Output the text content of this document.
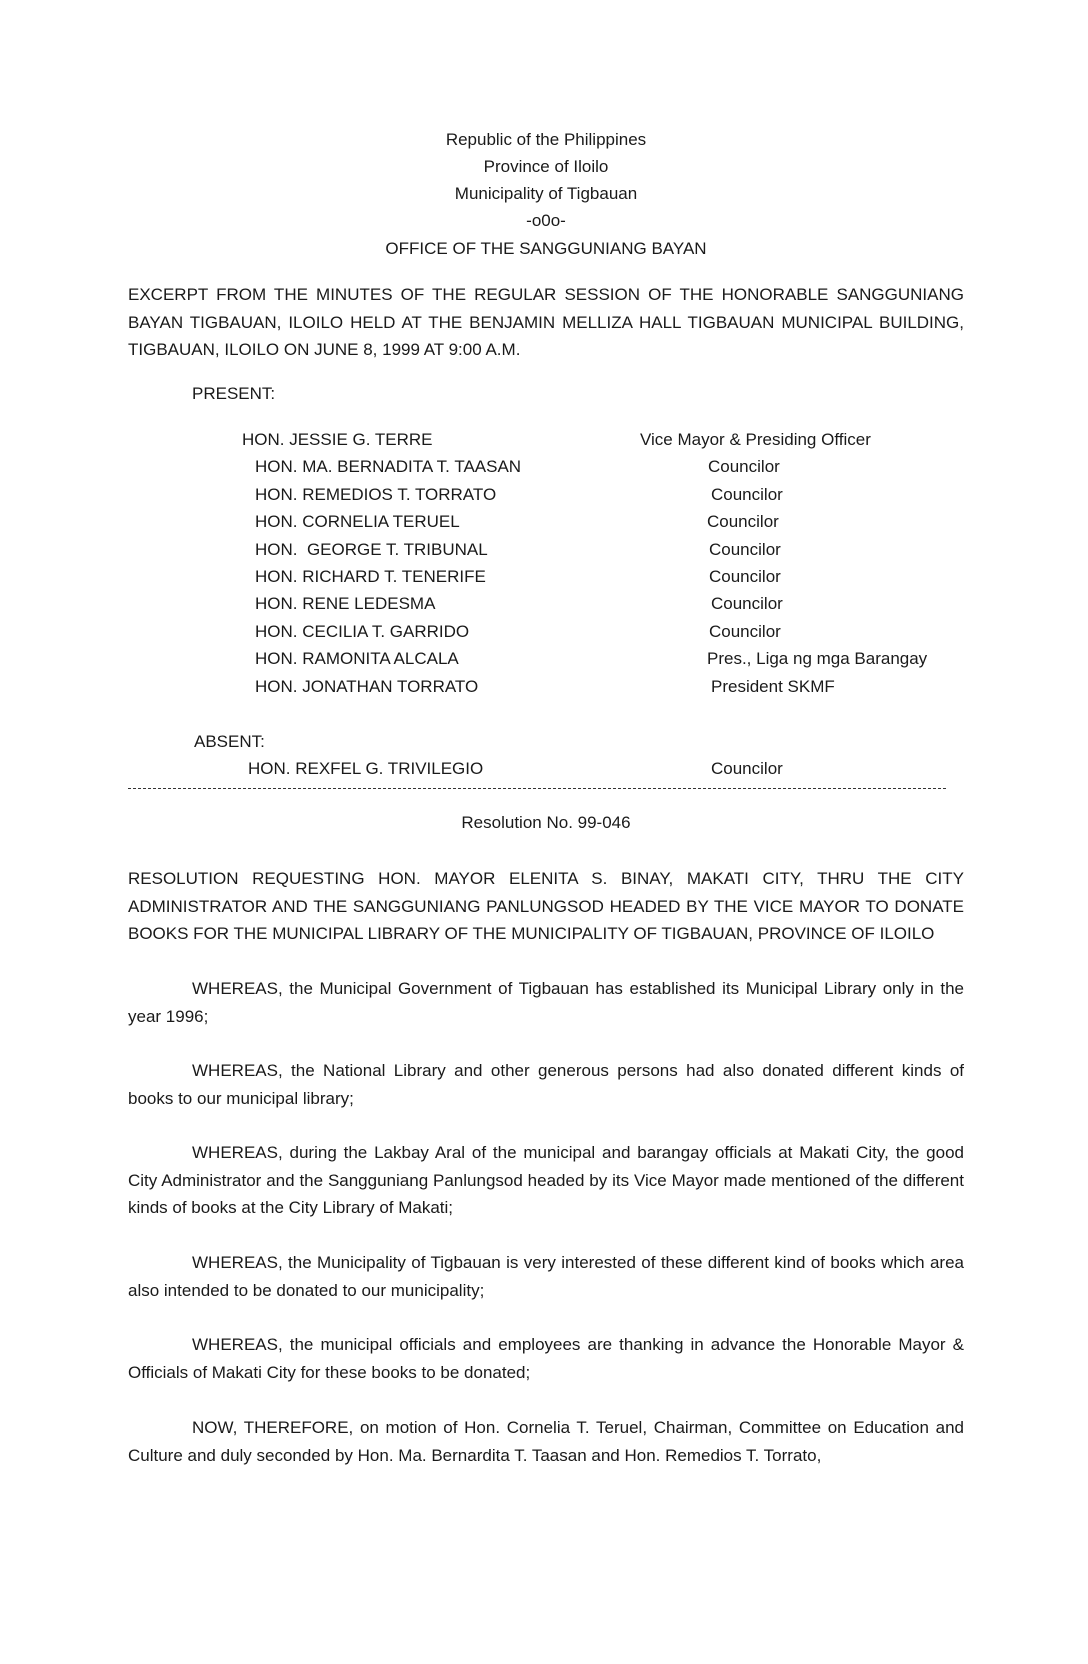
Republic of the Philippines
Province of Iloilo
Municipality of Tigbauan
-o0o-
OFFICE OF THE SANGGUNIANG BAYAN
EXCERPT FROM THE MINUTES OF THE REGULAR SESSION OF THE HONORABLE SANGGUNIANG BAYAN TIGBAUAN, ILOILO HELD AT THE BENJAMIN MELLIZA HALL TIGBAUAN MUNICIPAL BUILDING, TIGBAUAN, ILOILO ON JUNE 8, 1999 AT 9:00 A.M.
PRESENT:
HON. JESSIE G. TERRE	Vice Mayor & Presiding Officer
HON. MA. BERNADITA T. TAASAN	Councilor
HON. REMEDIOS T. TORRATO	Councilor
HON. CORNELIA TERUEL	Councilor
HON.  GEORGE T. TRIBUNAL	Councilor
HON. RICHARD T. TENERIFE	Councilor
HON. RENE LEDESMA	Councilor
HON. CECILIA T. GARRIDO	Councilor
HON. RAMONITA ALCALA	Pres., Liga ng mga Barangay
HON. JONATHAN TORRATO	President SKMF
ABSENT:
HON. REXFEL G. TRIVILEGIO	Councilor
Resolution No. 99-046
RESOLUTION REQUESTING HON. MAYOR ELENITA S. BINAY, MAKATI CITY, THRU THE CITY ADMINISTRATOR AND THE SANGGUNIANG PANLUNGSOD HEADED BY THE VICE MAYOR TO DONATE BOOKS FOR THE MUNICIPAL LIBRARY OF THE MUNICIPALITY OF TIGBAUAN, PROVINCE OF ILOILO
WHEREAS, the Municipal Government of Tigbauan has established its Municipal Library only in the year 1996;
WHEREAS, the National Library and other generous persons had also donated different kinds of books to our municipal library;
WHEREAS, during the Lakbay Aral of the municipal and barangay officials at Makati City, the good City Administrator and the Sangguniang Panlungsod headed by its Vice Mayor made mentioned of the different kinds of books at the City Library of Makati;
WHEREAS, the Municipality of Tigbauan is very interested of these different kind of books which area also intended to be donated to our municipality;
WHEREAS, the municipal officials and employees are thanking in advance the Honorable Mayor & Officials of Makati City for these books to be donated;
NOW, THEREFORE, on motion of Hon. Cornelia T. Teruel, Chairman, Committee on Education and Culture and duly seconded by Hon. Ma. Bernardita T. Taasan and Hon. Remedios T. Torrato,
